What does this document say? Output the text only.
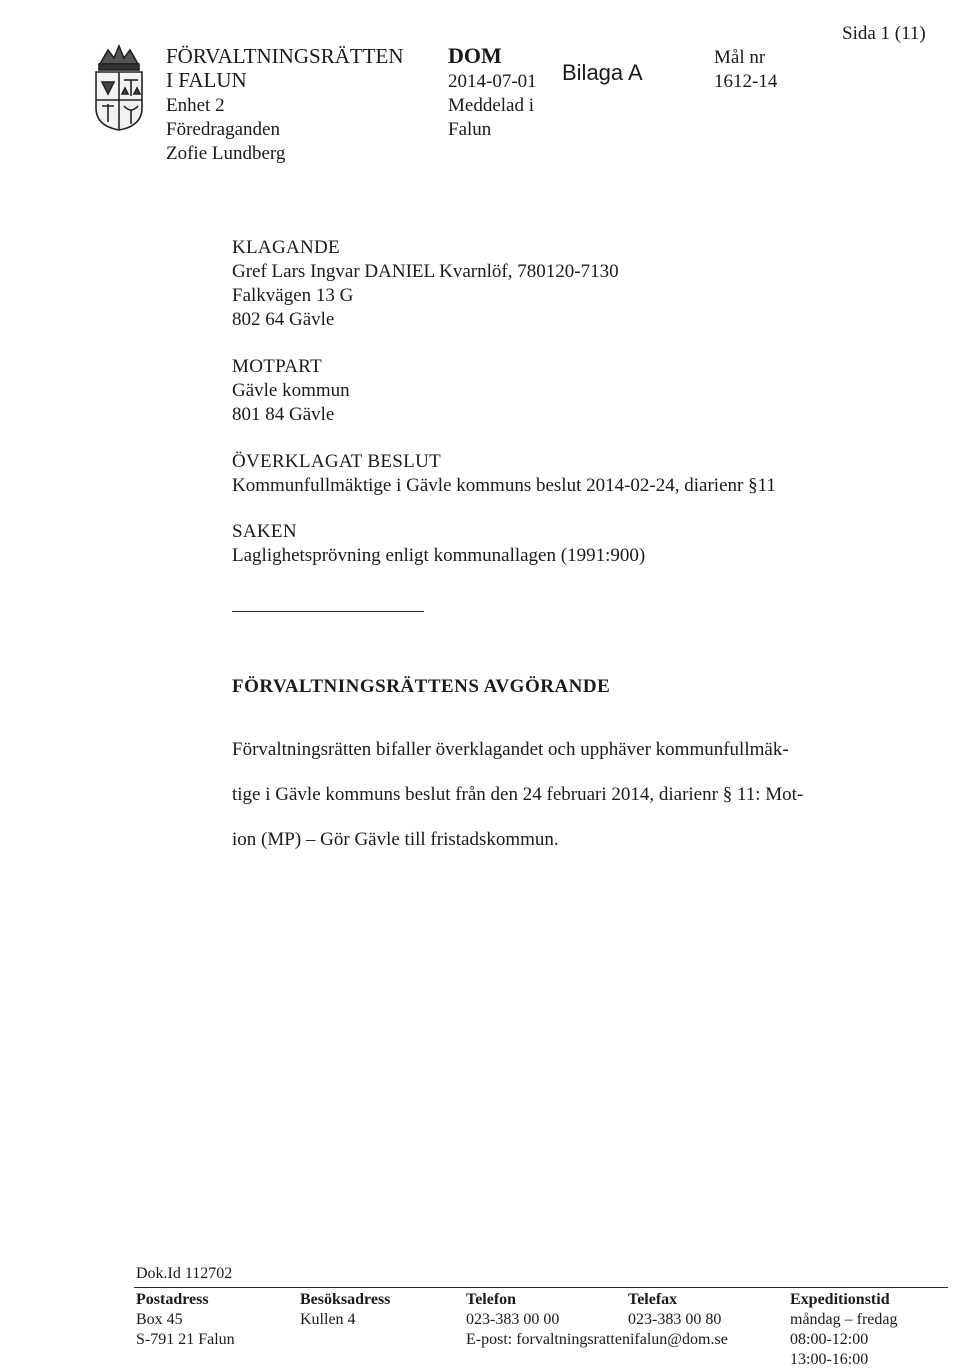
FÖRVALTNINGSRÄTTEN
I FALUN
Enhet 2
Föredraganden
Zofie Lundberg
DOM
2014-07-01
Meddelad i
Falun
Bilaga A
Mål nr
1612-14
Sida 1 (11)
KLAGANDE
Gref Lars Ingvar DANIEL Kvarnlöf, 780120-7130
Falkvägen 13 G
802 64 Gävle
MOTPART
Gävle kommun
801 84 Gävle
ÖVERKLAGAT BESLUT
Kommunfullmäktige i Gävle kommuns beslut 2014-02-24, diarienr §11
SAKEN
Laglighetsprövning enligt kommunallagen (1991:900)
FÖRVALTNINGSRÄTTENS AVGÖRANDE

Förvaltningsrätten bifaller överklagandet och upphäver kommunfullmäk-

tige i Gävle kommuns beslut från den 24 februari 2014, diarienr § 11: Mot-

ion (MP) – Gör Gävle till fristadskommun.

Dok.Id 112702
Postadress
Box 45
S-791 21 Falun
Besöksadress
Kullen 4
Telefon
023-383 00 00
Telefax
023-383 00 80
E-post: forvaltningsrattenifalun@dom.se
Expeditionstid
måndag – fredag
08:00-12:00
13:00-16:00
